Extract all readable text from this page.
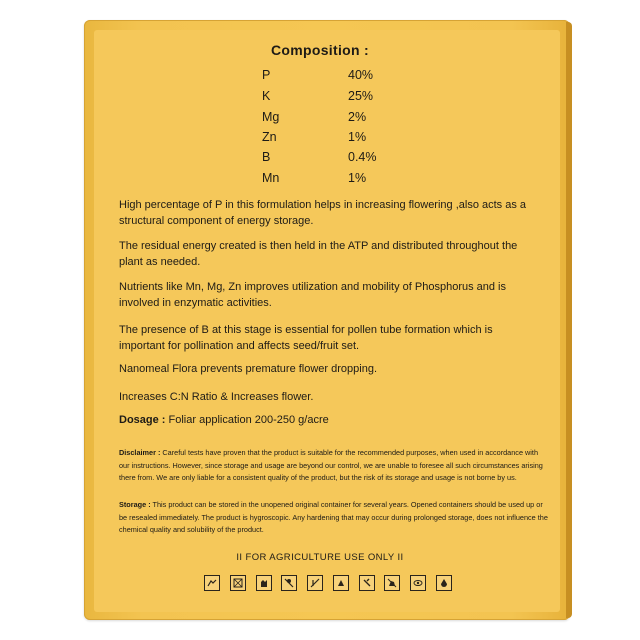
Composition :
P	40%
K	25%
Mg	2%
Zn	1%
B	0.4%
Mn	1%
High percentage of P in this formulation helps in increasing flowering ,also acts as a structural component of energy storage.
The residual energy created is then held in the ATP and distributed throughout the plant as needed.
Nutrients like Mn, Mg, Zn improves utilization and mobility of Phosphorus and is involved in enzymatic activities.
The presence of B at this stage is essential for pollen tube formation which is important for pollination and affects seed/fruit set.
Nanomeal Flora prevents premature flower dropping.
Increases C:N Ratio & Increases flower.
Dosage : Foliar application 200-250 g/acre
Disclaimer : Careful tests have proven that the product is suitable for the recommended purposes, when used in accordance with our instructions. However, since storage and usage are beyond our control, we are unable to foresee all such circumstances arising there from. We are only liable for a consistent quality of the product, but the risk of its storage and usage is not borne by us.
Storage : This product can be stored in the unopened original container for several years. Opened containers should be used up or be resealed immediately. The product is hygroscopic. Any hardening that may occur during prolonged storage, does not influence the chemical quality and solubility of the product.
II FOR AGRICULTURE USE ONLY II
